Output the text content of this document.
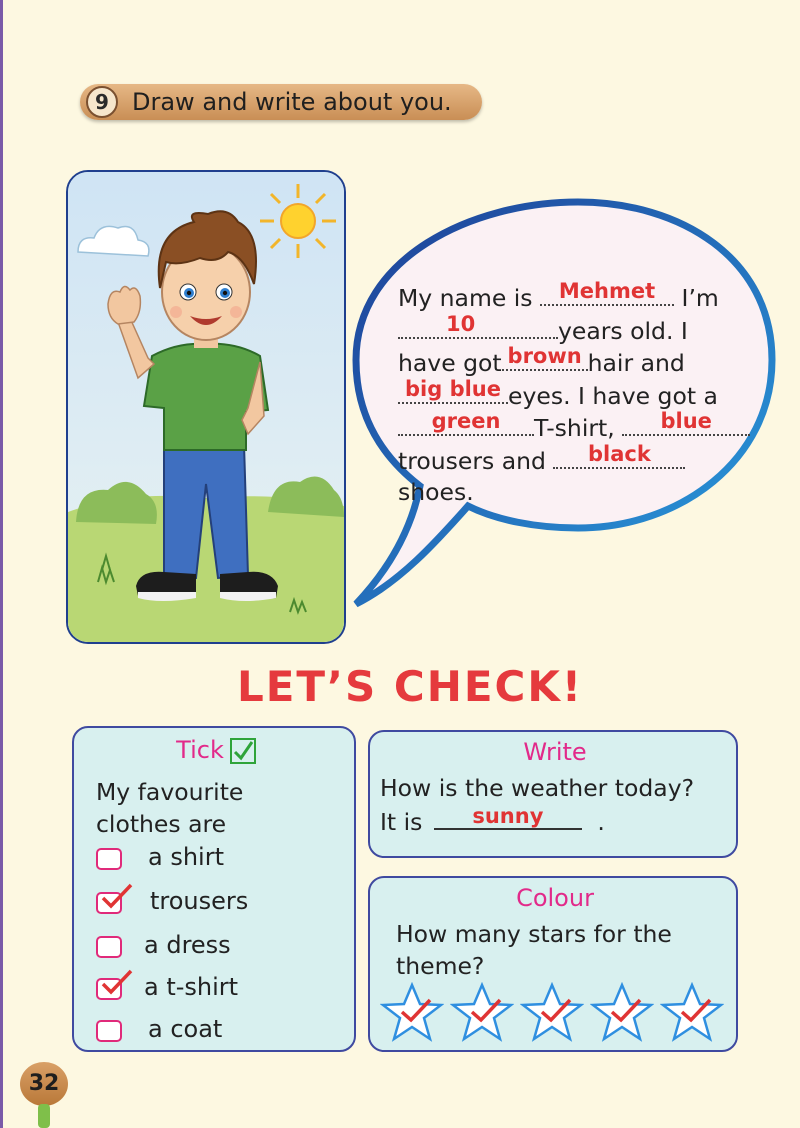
9 Draw and write about you.
My name is	Mehmet	I’m
10	years old. I
have got brown hair and
big blue eyes. I have got a
green	T-shirt,	blue
trousers and	black
shoes.
LET’S CHECK!
Tick
My favourite
clothes are
a shirt
trousers
a dress
a t-shirt
a coat
Write
How is the weather today?
It is	sunny	.
Colour
How many stars for the
theme?
32
